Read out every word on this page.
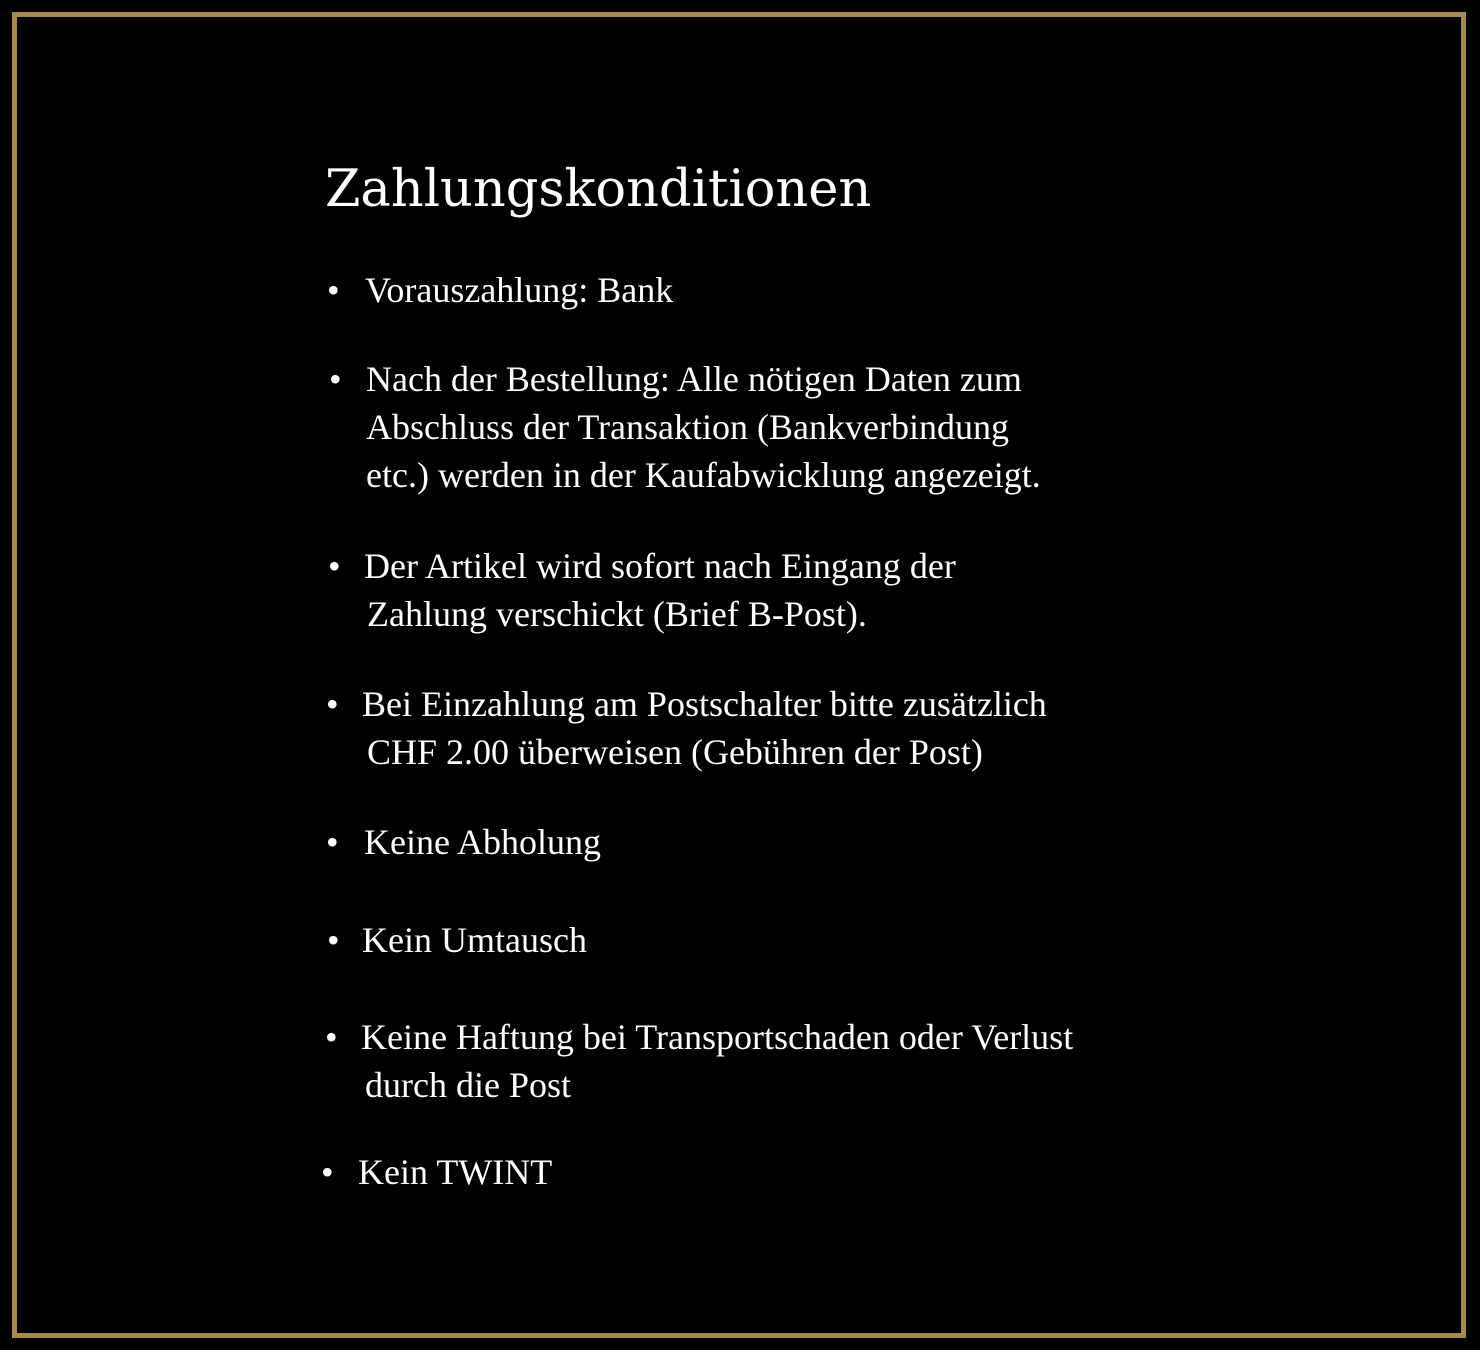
Zahlungskonditionen
• Vorauszahlung: Bank
• Nach der Bestellung: Alle nötigen Daten zum
Abschluss der Transaktion (Bankverbindung
etc.) werden in der Kaufabwicklung angezeigt.
• Der Artikel wird sofort nach Eingang der
Zahlung verschickt (Brief B-Post).
• Bei Einzahlung am Postschalter bitte zusätzlich
CHF 2.00 überweisen (Gebühren der Post)
• Keine Abholung
• Kein Umtausch
• Keine Haftung bei Transportschaden oder Verlust
durch die Post
• Kein TWINT
